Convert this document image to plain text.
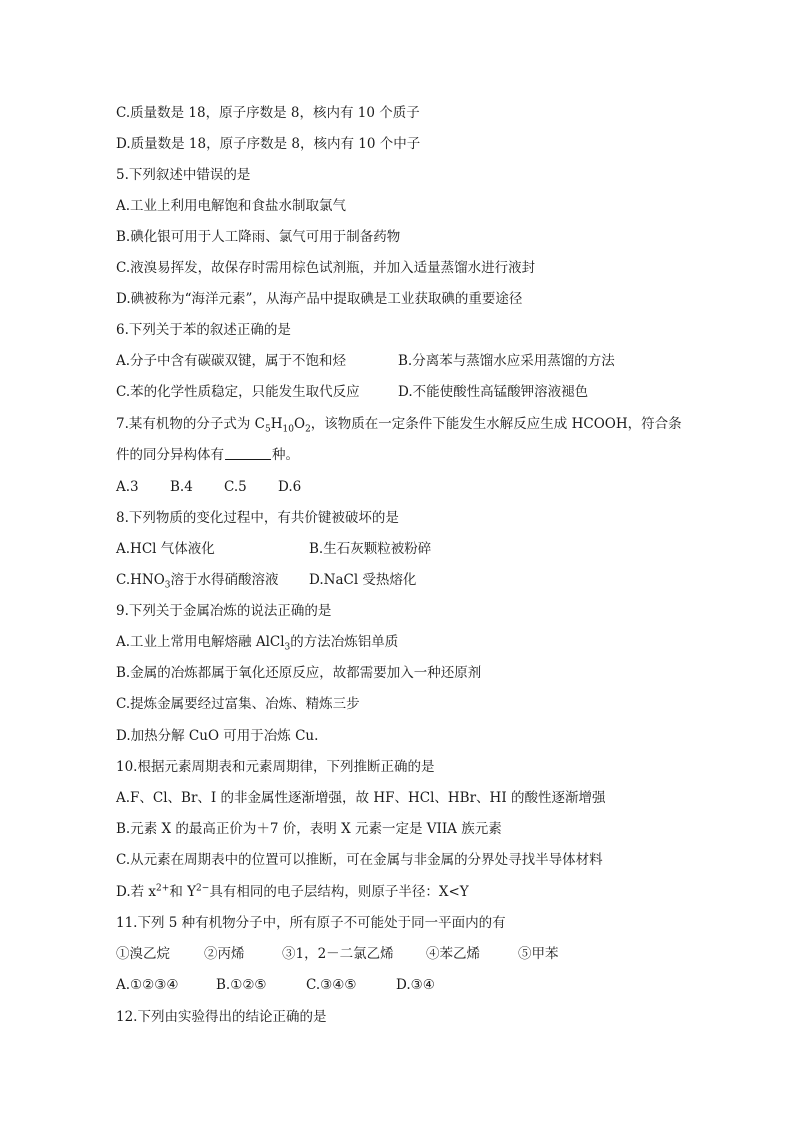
C.质量数是 18，原子序数是 8，核内有 10 个质子
D.质量数是 18，原子序数是 8，核内有 10 个中子
5.下列叙述中错误的是
A.工业上利用电解饱和食盐水制取氯气
B.碘化银可用于人工降雨、氯气可用于制备药物
C.液溴易挥发，故保存时需用棕色试剂瓶，并加入适量蒸馏水进行液封
D.碘被称为“海洋元素”，从海产品中提取碘是工业获取碘的重要途径
6.下列关于苯的叙述正确的是
A.分子中含有碳碳双键，属于不饱和烃	B.分离苯与蒸馏水应采用蒸馏的方法
C.苯的化学性质稳定，只能发生取代反应	D.不能使酸性高锰酸钾溶液褪色
7.某有机物的分子式为 $C_5H_{10}O_2$，该物质在一定条件下能发生水解反应生成 HCOOH，符合条
件的同分异构体有	种。
A.3 B.4 C.5 D.6
8.下列物质的变化过程中，有共价键被破坏的是
A.HCl 气体液化	B.生石灰颗粒被粉碎
$C.HNO_3$溶于水得硝酸溶液 D.NaCl 受热熔化
9.下列关于金属冶炼的说法正确的是
A.工业上常用电解熔融 AlCl$_3$的方法冶炼铝单质
B.金属的冶炼都属于氧化还原反应，故都需要加入一种还原剂
C.提炼金属要经过富集、冶炼、精炼三步
D.加热分解 CuO 可用于冶炼 Cu.
10.根据元素周期表和元素周期律，下列推断正确的是
A.F、Cl、Br、I 的非金属性逐渐增强，故 HF、HCl、HBr、HI 的酸性逐渐增强
B.元素 X 的最高正价为＋7 价，表明 X 元素一定是 VIIA 族元素
C.从元素在周期表中的位置可以推断，可在金属与非金属的分界处寻找半导体材料
D.若 $x^{2+}$和 $Y^{2-}$具有相同的电子层结构，则原子半径：X<Y
11.下列 5 种有机物分子中，所有原子不可能处于同一平面内的有
①溴乙烷	②丙烯	③1，2－二氯乙烯 ④苯乙烯	⑤甲苯
A.①②③④	B.①②⑤	C.③④⑤	D.③④
12.下列由实验得出的结论正确的是
